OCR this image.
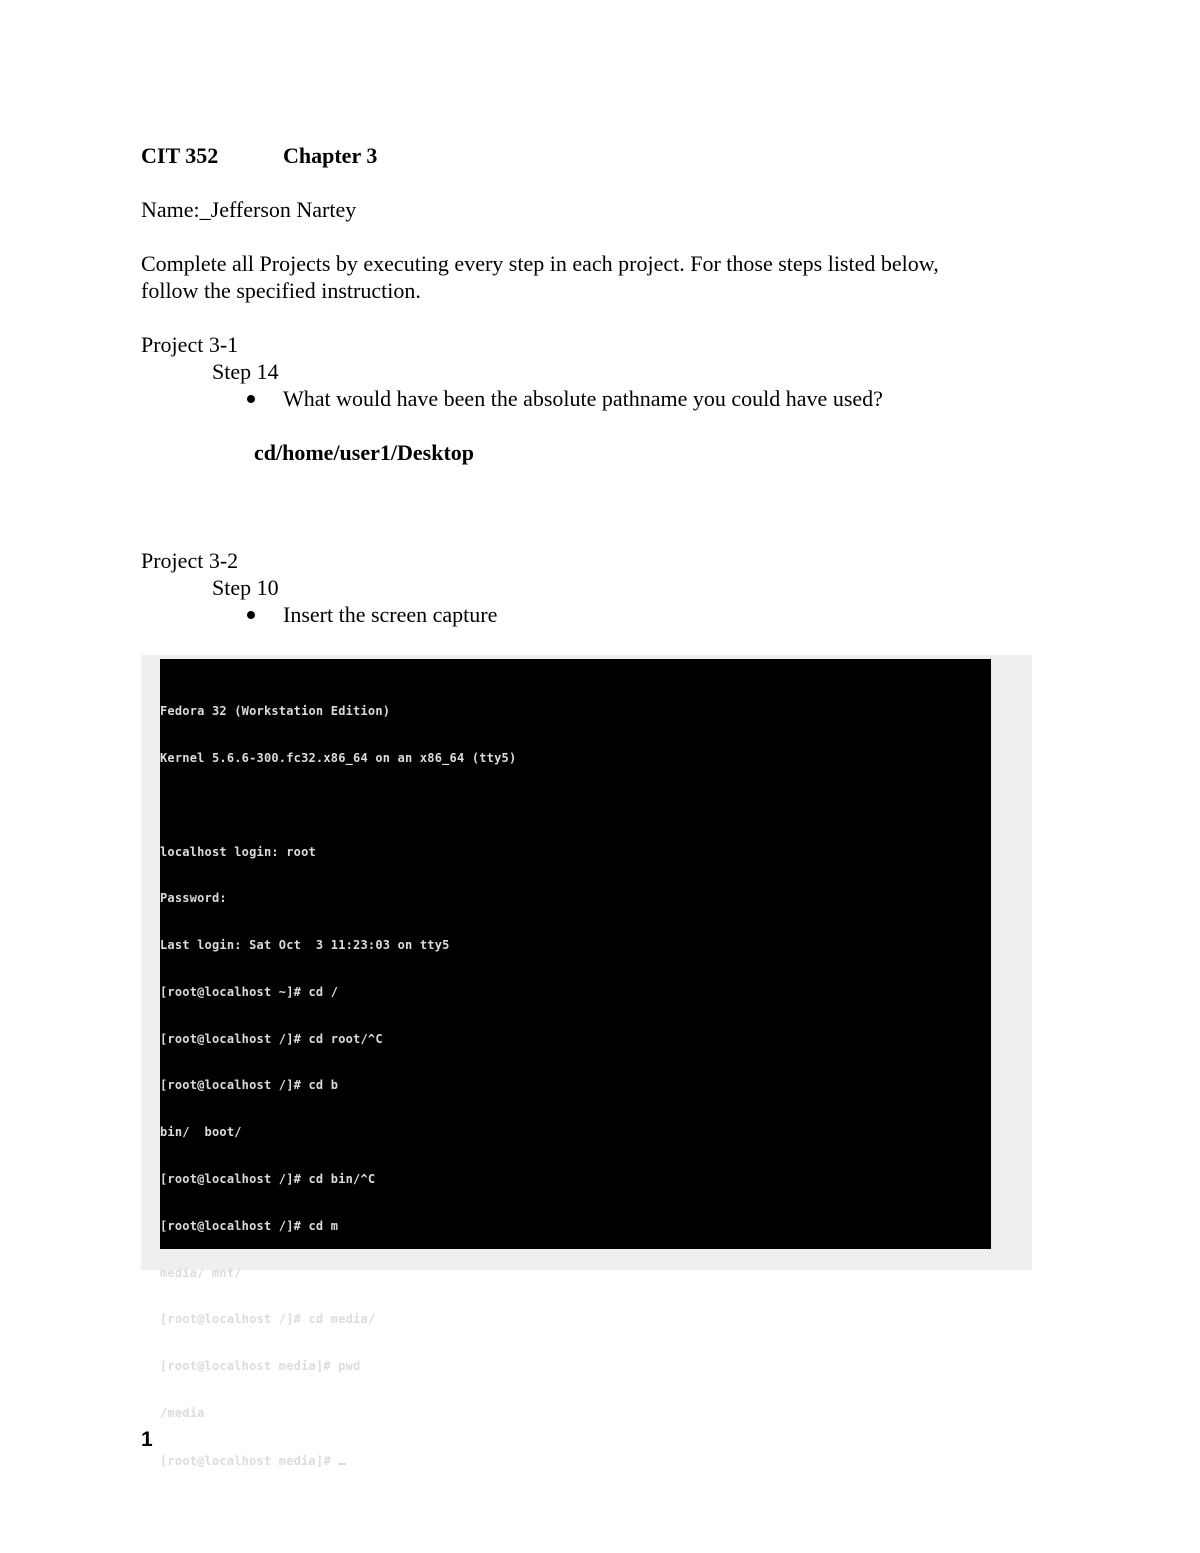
CIT 352	Chapter 3
Name:_Jefferson Nartey
Complete all Projects by executing every step in each project. For those steps listed below,
follow the specified instruction.
Project 3-1
Step 14
What would have been the absolute pathname you could have used?
cd/home/user1/Desktop
Project 3-2
Step 10
Insert the screen capture

Fedora 32 (Workstation Edition)

Kernel 5.6.6-300.fc32.x86_64 on an x86_64 (tty5)

localhost login: root

Password:

Last login: Sat Oct  3 11:23:03 on tty5

[root@localhost ~]# cd /

[root@localhost /]# cd root/^C

[root@localhost /]# cd b

bin/  boot/

[root@localhost /]# cd bin/^C

[root@localhost /]# cd m

media/ mnt/

[root@localhost /]# cd media/

[root@localhost media]# pwd

/media

[root@localhost media]#

1
